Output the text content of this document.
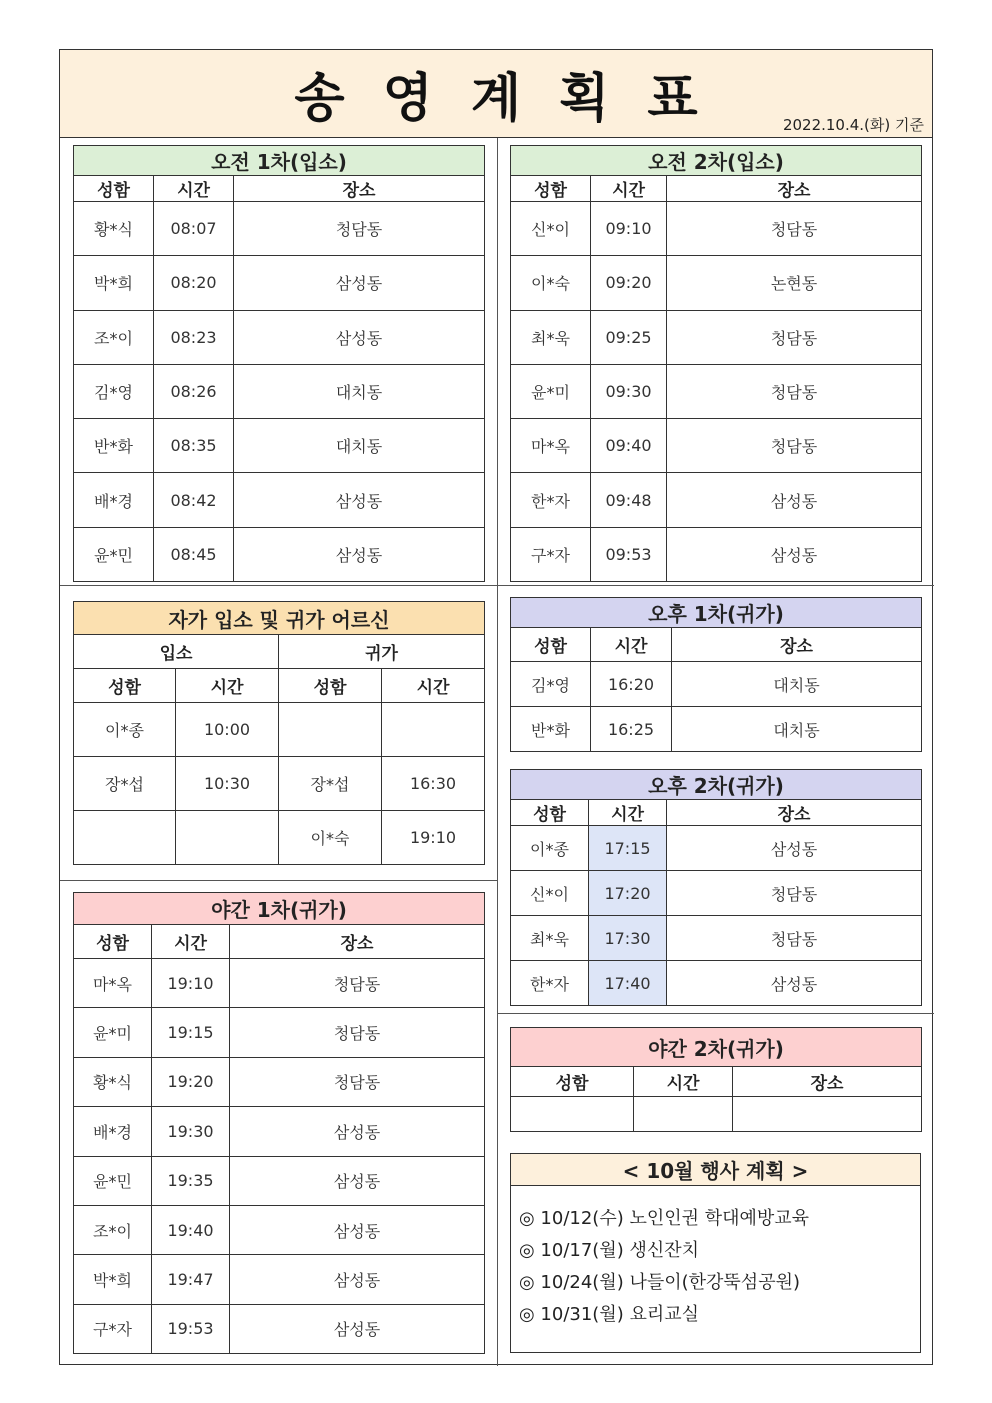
송영계획표	2022.10.4.(화) 기준
오전 1차(입소)		
성함	시간	장소
황*식	08:07	청담동
박*희	08:20	삼성동
조*이	08:23	삼성동
김*영	08:26	대치동
반*화	08:35	대치동
배*경	08:42	삼성동
윤*민	08:45	삼성동
오전 2차(입소)		
성함	시간	장소
신*이	09:10	청담동
이*숙	09:20	논현동
최*욱	09:25	청담동
윤*미	09:30	청담동
마*옥	09:40	청담동
한*자	09:48	삼성동
구*자	09:53	삼성동
자가 입소 및 귀가 어르신			
입소		귀가	
성함	시간	성함	시간
이*종	10:00		
장*섭	10:30	장*섭	16:30
		이*숙	19:10
오후 1차(귀가)		
성함	시간	장소
김*영	16:20	대치동
반*화	16:25	대치동
오후 2차(귀가)		
성함	시간	장소
이*종	17:15	삼성동
신*이	17:20	청담동
최*욱	17:30	청담동
한*자	17:40	삼성동
야간 1차(귀가)		
성함	시간	장소
마*옥	19:10	청담동
윤*미	19:15	청담동
황*식	19:20	청담동
배*경	19:30	삼성동
윤*민	19:35	삼성동
조*이	19:40	삼성동
박*희	19:47	삼성동
구*자	19:53	삼성동
야간 2차(귀가)		
성함	시간	장소

< 10월 행사 계획 >
◎ 10/12(수) 노인인권 학대예방교육
◎ 10/17(월) 생신잔치
◎ 10/24(월) 나들이(한강뚝섬공원)
◎ 10/31(월) 요리교실
